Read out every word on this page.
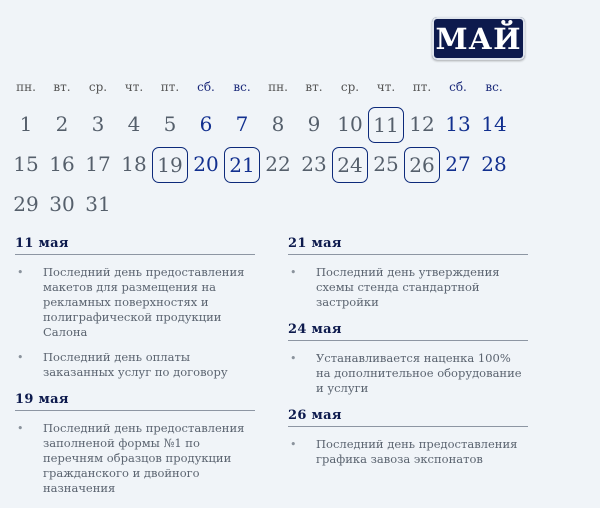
МАЙ
пн.	вт.	ср.	чт.	пт.	сб.	вс.	пн.	вт.	ср.	чт.	пт.	сб.	вс.
1	2	3	4	5	6	7	8	9 10 11 12 13 14
15 16 17 18 19 20 21 22 23 24 25 26 27 28
29 30 31
11 мая
• Последний день предоставления макетов для размещения на рекламных поверхностях и полиграфической продукции Салона
• Последний день оплаты заказанных услуг по договору
19 мая
• Последний день предоставления заполненой формы №1 по перечням образцов продукции гражданского и двойного назначения
21 мая
• Последний день утверждения схемы стенда стандартной застройки
24 мая
• Устанавливается наценка 100% на дополнительное оборудование и услуги
26 мая
• Последний день предоставления графика завоза экспонатов
